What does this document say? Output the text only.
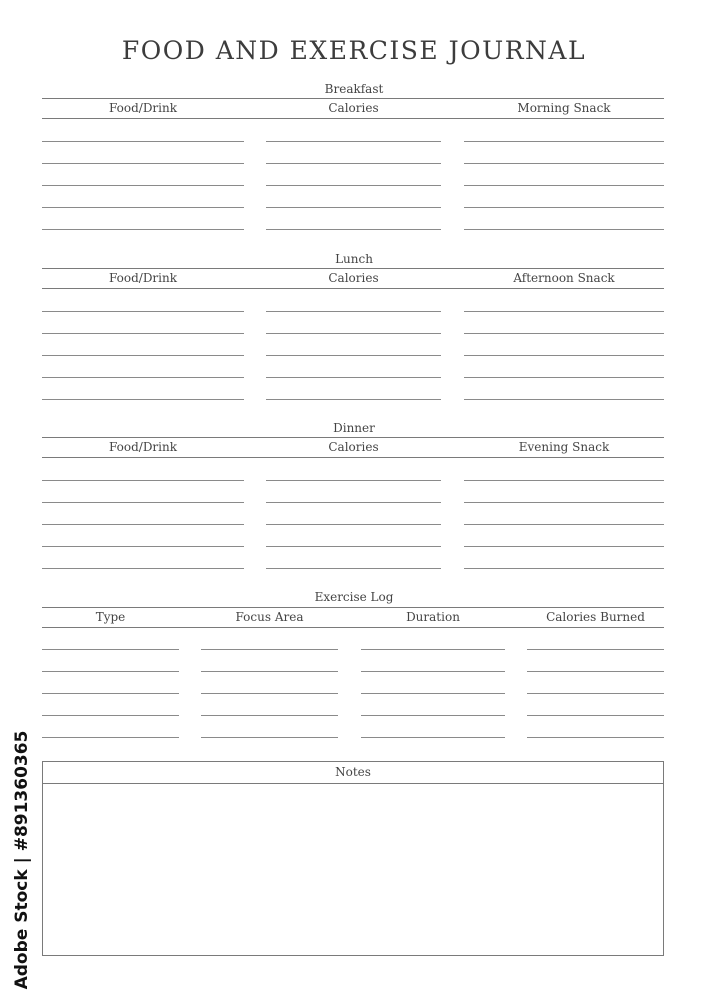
FOOD AND EXERCISE JOURNAL
Breakfast
Food/Drink	Calories	Morning Snack
Lunch
Food/Drink	Calories	Afternoon Snack
Dinner
Food/Drink	Calories	Evening Snack
Exercise Log
Type	Focus Area	Duration	Calories Burned
Notes
Adobe Stock | #891360365
